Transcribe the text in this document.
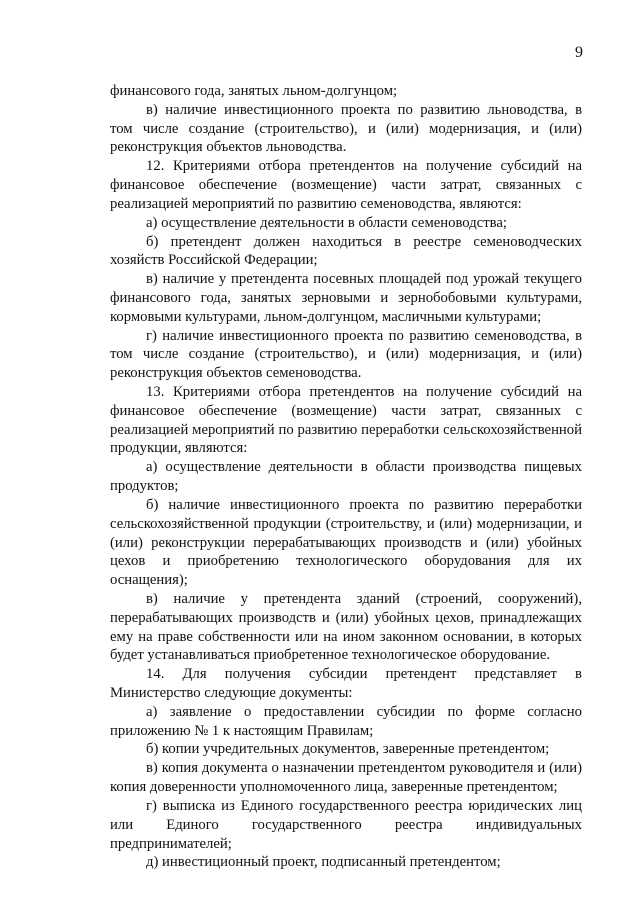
9

финансового года, занятых льном-долгунцом;

в) наличие инвестиционного проекта по развитию льноводства, в том числе создание (строительство), и (или) модернизация, и (или) реконструкция объектов льноводства.

12. Критериями отбора претендентов на получение субсидий на финансовое обеспечение (возмещение) части затрат, связанных с реализацией мероприятий по развитию семеноводства, являются:

а) осуществление деятельности в области семеноводства;

б) претендент должен находиться в реестре семеноводческих хозяйств Российской Федерации;

в) наличие у претендента посевных площадей под урожай текущего финансового года, занятых зерновыми и зернобобовыми культурами, кормовыми культурами, льном-долгунцом, масличными культурами;

г) наличие инвестиционного проекта по развитию семеноводства, в том числе создание (строительство), и (или) модернизация, и (или) реконструкция объектов семеноводства.

13. Критериями отбора претендентов на получение субсидий на финансовое обеспечение (возмещение) части затрат, связанных с реализацией мероприятий по развитию переработки сельскохозяйственной продукции, являются:

а) осуществление деятельности в области производства пищевых продуктов;

б) наличие инвестиционного проекта по развитию переработки сельскохозяйственной продукции (строительству, и (или) модернизации, и (или) реконструкции перерабатывающих производств и (или) убойных цехов и приобретению технологического оборудования для их оснащения);

в) наличие у претендента зданий (строений, сооружений), перерабатывающих производств и (или) убойных цехов, принадлежащих ему на праве собственности или на ином законном основании, в которых будет устанавливаться приобретенное технологическое оборудование.

14. Для получения субсидии претендент представляет в Министерство следующие документы:

а) заявление о предоставлении субсидии по форме согласно приложению № 1 к настоящим Правилам;

б) копии учредительных документов, заверенные претендентом;

в) копия документа о назначении претендентом руководителя и (или) копия доверенности уполномоченного лица, заверенные претендентом;

г) выписка из Единого государственного реестра юридических лиц или Единого государственного реестра индивидуальных предпринимателей;

д) инвестиционный проект, подписанный претендентом;
